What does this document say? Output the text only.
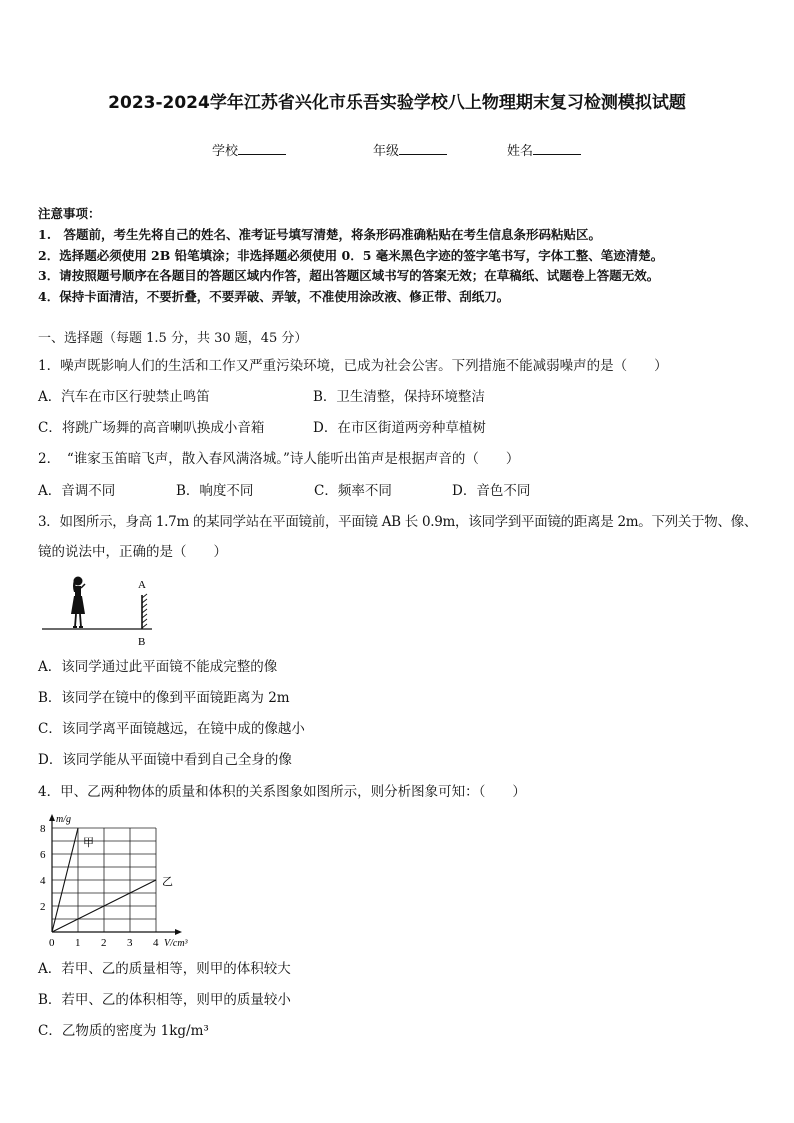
2023-2024学年江苏省兴化市乐吾实验学校八上物理期末复习检测模拟试题
学校	年级	姓名
注意事项：
1.　答题前，考生先将自己的姓名、准考证号填写清楚，将条形码准确粘贴在考生信息条形码粘贴区。
2．选择题必须使用 2B 铅笔填涂；非选择题必须使用 0．5 毫米黑色字迹的签字笔书写，字体工整、笔迹清楚。
3．请按照题号顺序在各题目的答题区域内作答，超出答题区域书写的答案无效；在草稿纸、试题卷上答题无效。
4．保持卡面清洁，不要折叠，不要弄破、弄皱，不准使用涂改液、修正带、刮纸刀。
一、选择题（每题 1.5 分，共 30 题，45 分）
1．噪声既影响人们的生活和工作又严重污染环境，已成为社会公害。下列措施不能减弱噪声的是（　　）
A．汽车在市区行驶禁止鸣笛	B．卫生清整，保持环境整洁
C．将跳广场舞的高音喇叭换成小音箱	D．在市区街道两旁种草植树
2．　“谁家玉笛暗飞声，散入春风满洛城。”诗人能听出笛声是根据声音的（　　）
A．音调不同	B．响度不同	C．频率不同	D．音色不同
3．如图所示，身高 1.7m 的某同学站在平面镜前，平面镜 AB 长 0.9m，该同学到平面镜的距离是 2m。下列关于物、像、
镜的说法中，正确的是（　　）
A
B
A．该同学通过此平面镜不能成完整的像
B．该同学在镜中的像到平面镜距离为 2m
C．该同学离平面镜越远，在镜中成的像越小
D．该同学能从平面镜中看到自己全身的像
4．甲、乙两种物体的质量和体积的关系图象如图所示，则分析图象可知：（　　）
甲
乙
0 1 2 3 4
2
4
6
8
V/cm³
m/g
A．若甲、乙的质量相等，则甲的体积较大
B．若甲、乙的体积相等，则甲的质量较小
C．乙物质的密度为 1kg/m³
